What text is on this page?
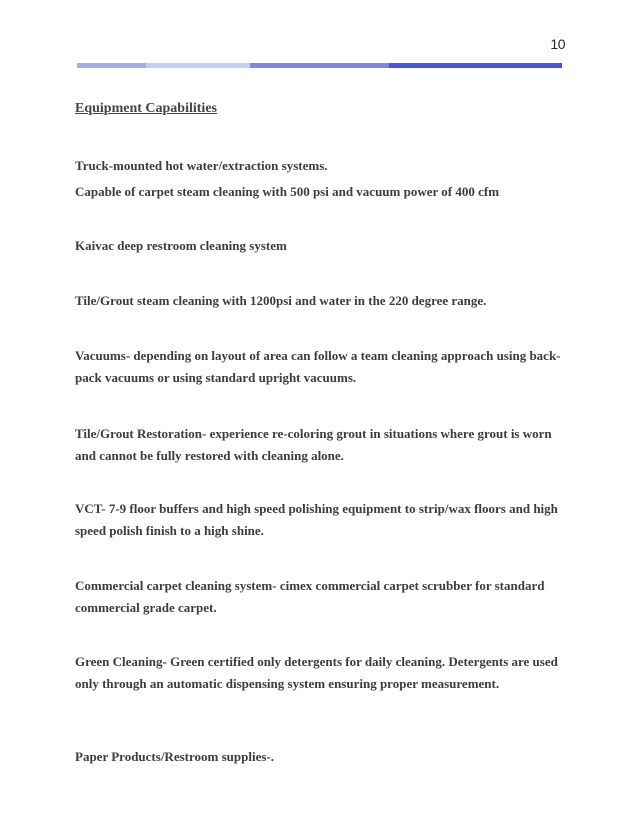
10
Equipment Capabilities

Truck-mounted hot water/extraction systems.

Capable of carpet steam cleaning with 500 psi and vacuum power of 400 cfm

Kaivac deep restroom cleaning system

Tile/Grout steam cleaning with 1200psi and water in the 220 degree range.

Vacuums- depending on layout of area can follow a team cleaning approach using back-pack vacuums or using standard upright vacuums.

Tile/Grout Restoration- experience re-coloring grout in situations where grout is worn and cannot be fully restored with cleaning alone.

VCT- 7-9 floor buffers and high speed polishing equipment to strip/wax floors and high speed polish finish to a high shine.

Commercial carpet cleaning system- cimex commercial carpet scrubber for standard commercial grade carpet.

Green Cleaning- Green certified only detergents for daily cleaning. Detergents are used only through an automatic dispensing system ensuring proper measurement.

Paper Products/Restroom supplies-.
